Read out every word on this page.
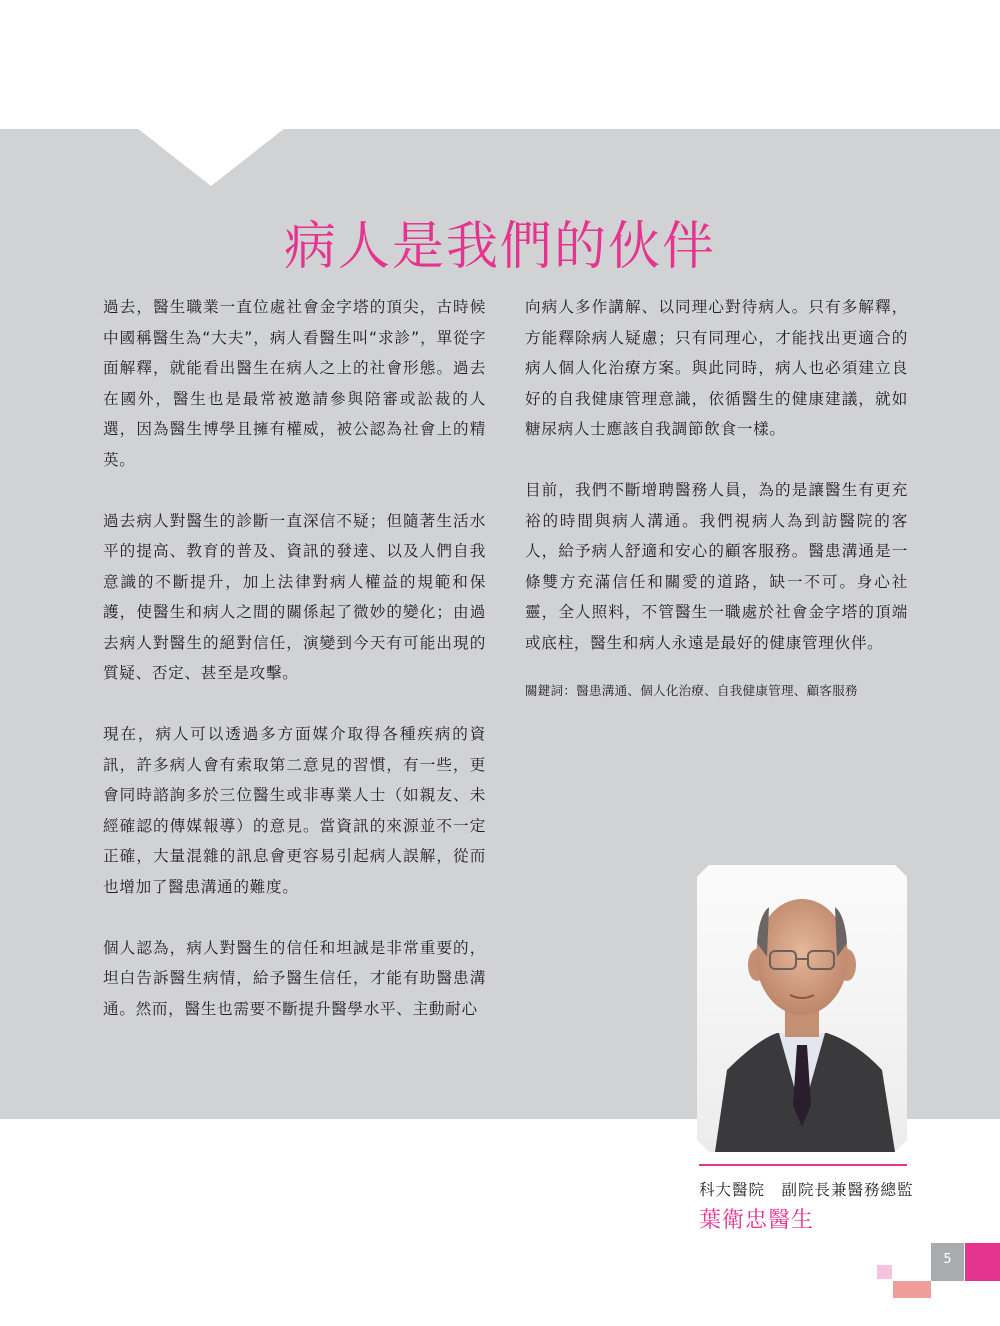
病人是我們的伙伴

過去，醫生職業一直位處社會金字塔的頂尖，古時候中國稱醫生為“大夫”，病人看醫生叫“求診”，單從字面解釋，就能看出醫生在病人之上的社會形態。過去在國外，醫生也是最常被邀請參與陪審或訟裁的人選，因為醫生博學且擁有權威，被公認為社會上的精英。

過去病人對醫生的診斷一直深信不疑；但隨著生活水平的提高、教育的普及、資訊的發達、以及人們自我意識的不斷提升，加上法律對病人權益的規範和保護，使醫生和病人之間的關係起了微妙的變化；由過去病人對醫生的絕對信任，演變到今天有可能出現的質疑、否定、甚至是攻擊。

現在，病人可以透過多方面媒介取得各種疾病的資訊，許多病人會有索取第二意見的習慣，有一些，更會同時諮詢多於三位醫生或非專業人士（如親友、未經確認的傳媒報導）的意見。當資訊的來源並不一定正確，大量混雜的訊息會更容易引起病人誤解，從而也增加了醫患溝通的難度。

個人認為，病人對醫生的信任和坦誠是非常重要的，坦白告訴醫生病情，給予醫生信任，才能有助醫患溝通。然而，醫生也需要不斷提升醫學水平、主動耐心

向病人多作講解、以同理心對待病人。只有多解釋，方能釋除病人疑慮；只有同理心，才能找出更適合的病人個人化治療方案。與此同時，病人也必須建立良好的自我健康管理意識，依循醫生的健康建議，就如糖尿病人士應該自我調節飲食一樣。

目前，我們不斷增聘醫務人員，為的是讓醫生有更充裕的時間與病人溝通。我們視病人為到訪醫院的客人，給予病人舒適和安心的顧客服務。醫患溝通是一條雙方充滿信任和關愛的道路，缺一不可。身心社靈，全人照料，不管醫生一職處於社會金字塔的頂端或底柱，醫生和病人永遠是最好的健康管理伙伴。

關鍵詞：醫患溝通、個人化治療、自我健康管理、顧客服務

科大醫院　副院長兼醫務總監
葉衛忠醫生
5
